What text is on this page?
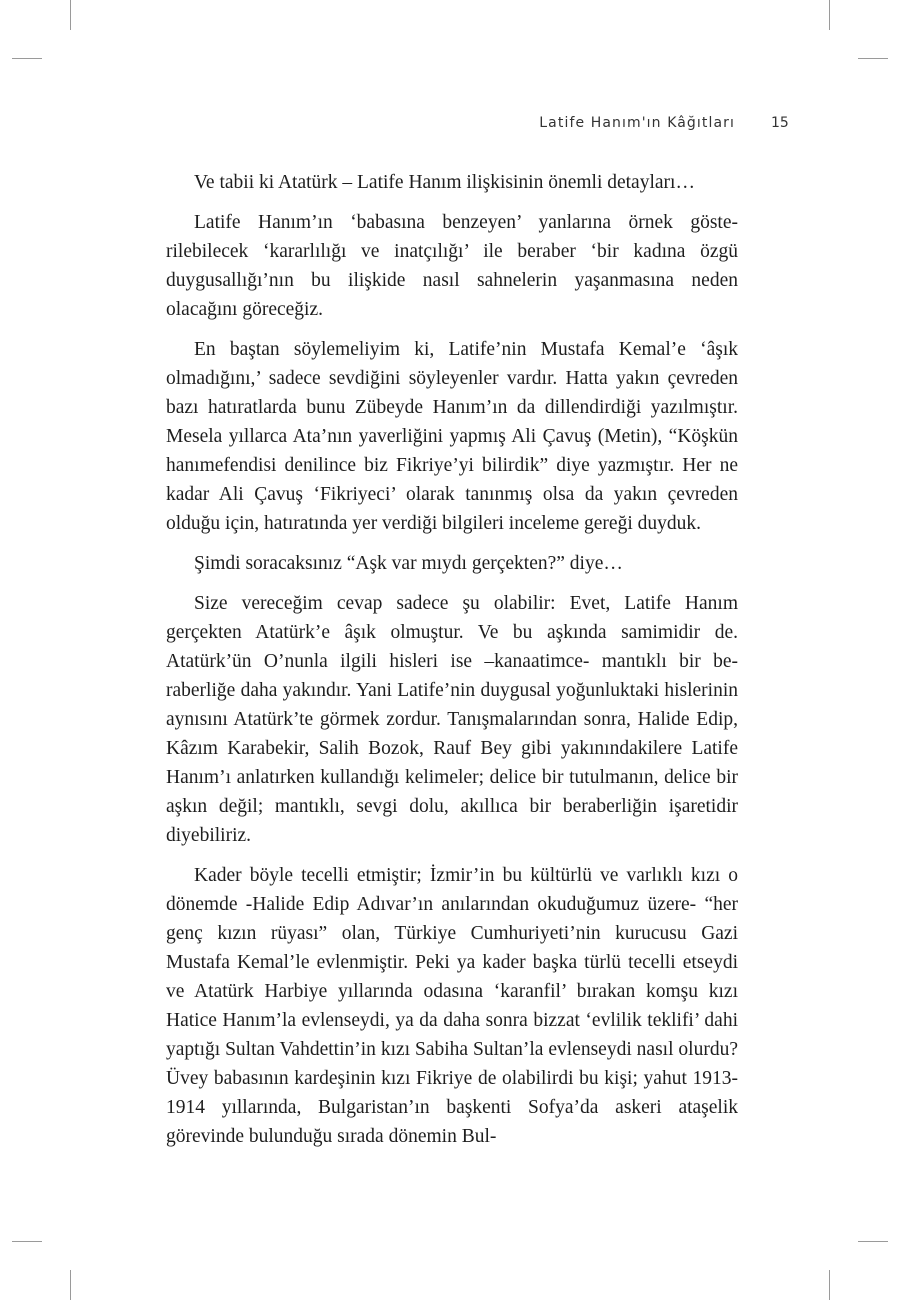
Latife Hanım'ın Kâğıtları	15

Ve tabii ki Atatürk – Latife Hanım ilişkisinin önemli detayları…

Latife Hanım’ın ‘babasına benzeyen’ yanlarına örnek gösterilebilecek ‘kararlılığı ve inatçılığı’ ile beraber ‘bir kadına özgü duygusallığı’nın bu ilişkide nasıl sahnelerin yaşanmasına neden olacağını göreceğiz.

En baştan söylemeliyim ki, Latife’nin Mustafa Kemal’e ‘âşık olmadığını,’ sadece sevdiğini söyleyenler vardır. Hatta yakın çevreden bazı hatıratlarda bunu Zübeyde Hanım’ın da dillendirdiği yazılmıştır. Mesela yıllarca Ata’nın yaverliğini yapmış Ali Çavuş (Metin), “Köşkün hanımefendisi denilince biz Fikriye’yi bilirdik” diye yazmıştır. Her ne kadar Ali Çavuş ‘Fikriyeci’ olarak tanınmış olsa da yakın çevreden olduğu için, hatıratında yer verdiği bilgileri inceleme gereği duyduk.

Şimdi soracaksınız “Aşk var mıydı gerçekten?” diye…

Size vereceğim cevap sadece şu olabilir: Evet, Latife Hanım gerçekten Atatürk’e âşık olmuştur. Ve bu aşkında samimidir de. Atatürk’ün O’nunla ilgili hisleri ise –kanaatimce- mantıklı bir beraberliğe daha yakındır. Yani Latife’nin duygusal yoğunluktaki hislerinin aynısını Atatürk’te görmek zordur. Tanışmalarından sonra, Halide Edip, Kâzım Karabekir, Salih Bozok, Rauf Bey gibi yakınındakilere Latife Hanım’ı anlatırken kullandığı kelimeler; delice bir tutulmanın, delice bir aşkın değil; mantıklı, sevgi dolu, akıllıca bir beraberliğin işaretidir diyebiliriz.

Kader böyle tecelli etmiştir; İzmir’in bu kültürlü ve varlıklı kızı o dönemde -Halide Edip Adıvar’ın anılarından okuduğumuz üzere- “her genç kızın rüyası” olan, Türkiye Cumhuriyeti’nin kurucusu Gazi Mustafa Kemal’le evlenmiştir. Peki ya kader başka türlü tecelli etseydi ve Atatürk Harbiye yıllarında odasına ‘karanfil’ bırakan komşu kızı Hatice Hanım’la evlenseydi, ya da daha sonra bizzat ‘evlilik teklifi’ dahi yaptığı Sultan Vahdettin’in kızı Sabiha Sultan’la evlenseydi nasıl olurdu? Üvey babasının kardeşinin kızı Fikriye de olabilirdi bu kişi; yahut 1913-1914 yıllarında, Bulgaristan’ın başkenti Sofya’da askeri ataşelik görevinde bulunduğu sırada dönemin Bul-
